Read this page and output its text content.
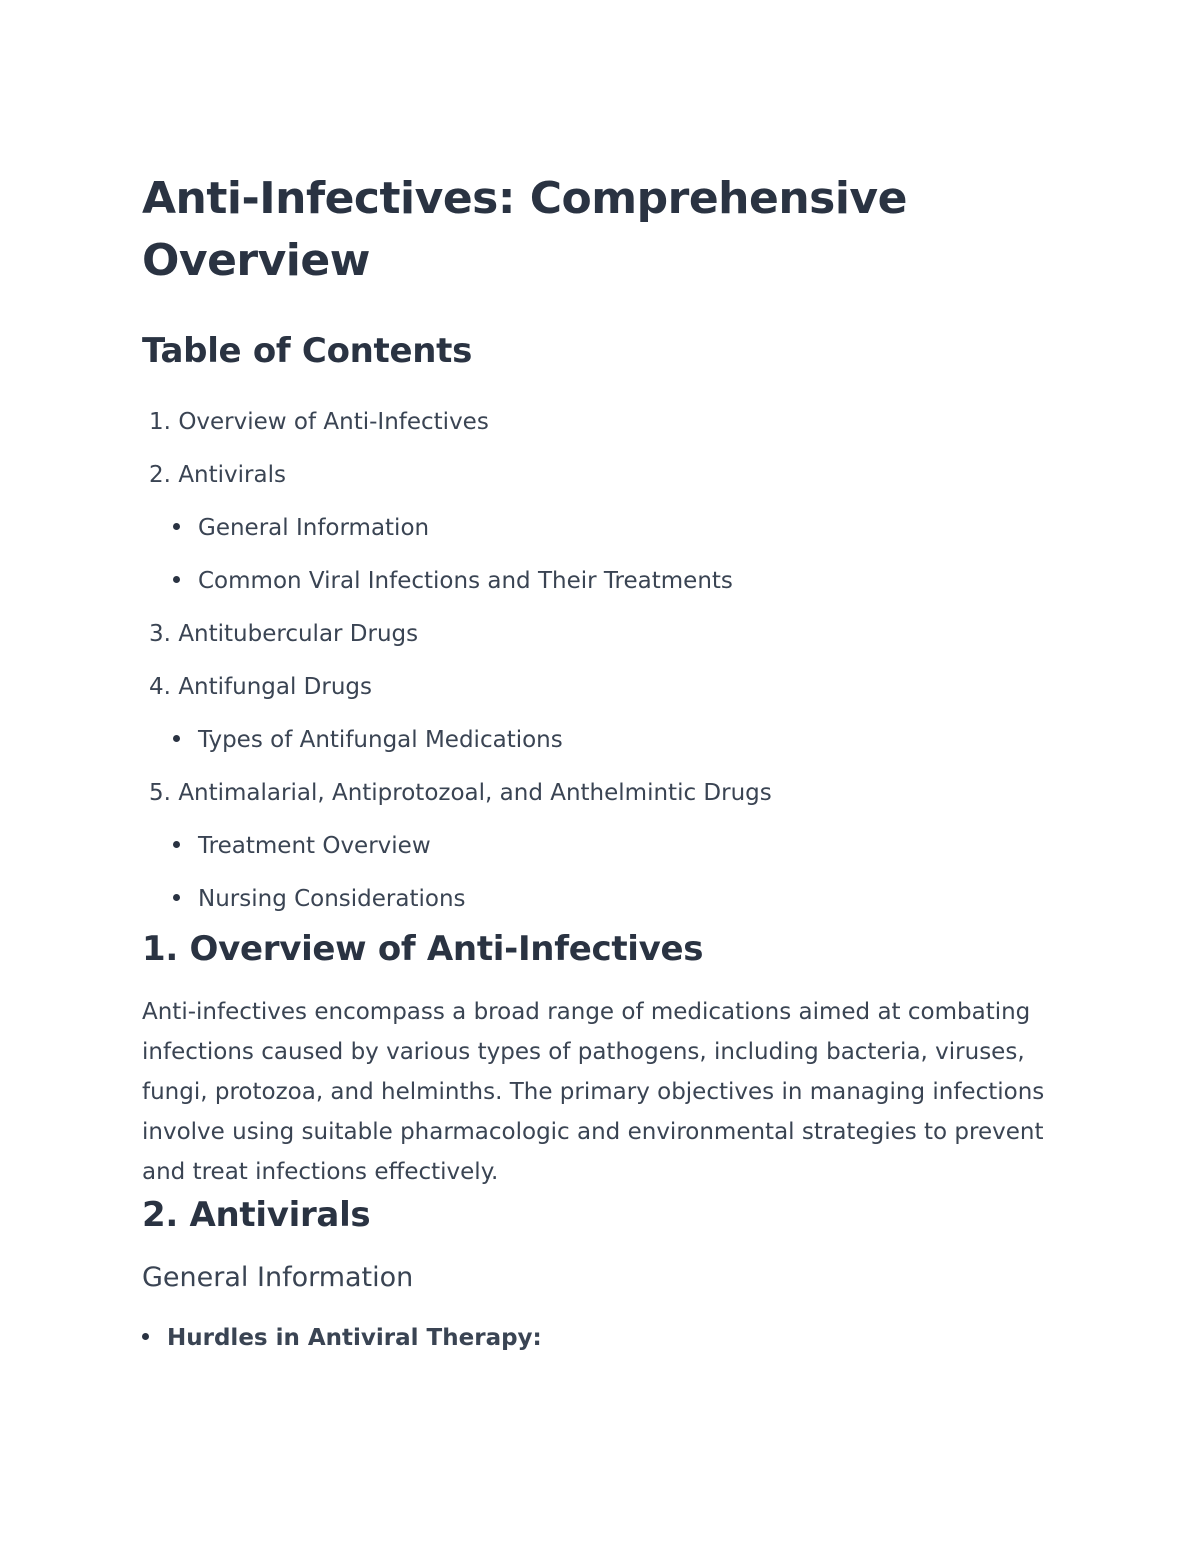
Anti-Infectives: Comprehensive Overview
Table of Contents
1. Overview of Anti-Infectives
2. Antivirals
General Information
Common Viral Infections and Their Treatments
3. Antitubercular Drugs
4. Antifungal Drugs
Types of Antifungal Medications
5. Antimalarial, Antiprotozoal, and Anthelmintic Drugs
Treatment Overview
Nursing Considerations
1. Overview of Anti-Infectives

Anti-infectives encompass a broad range of medications aimed at combating infections caused by various types of pathogens, including bacteria, viruses, fungi, protozoa, and helminths. The primary objectives in managing infections involve using suitable pharmacologic and environmental strategies to prevent and treat infections effectively.

2. Antivirals
General Information
Hurdles in Antiviral Therapy:
